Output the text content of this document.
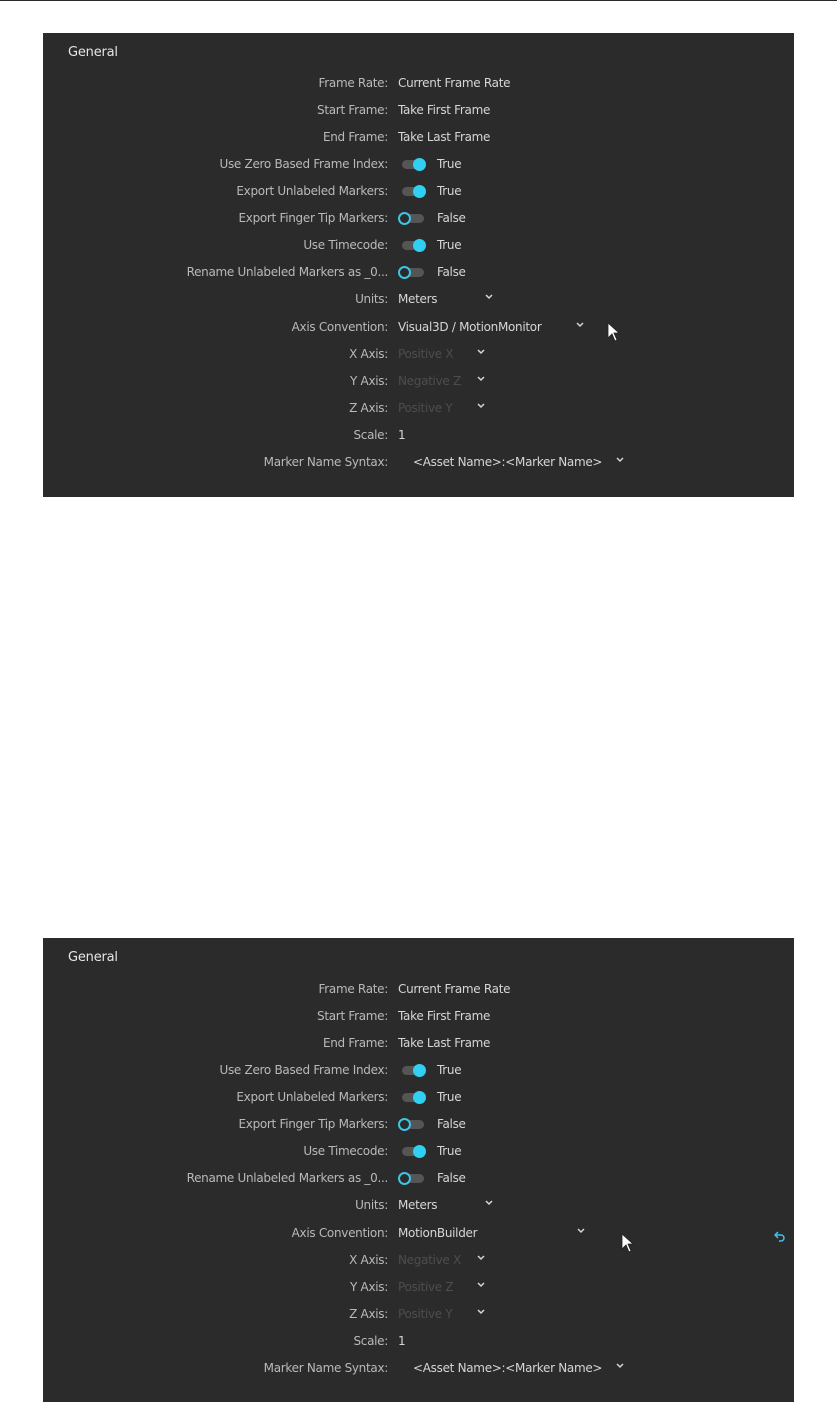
General
Frame Rate: Current Frame Rate
Start Frame: Take First Frame
End Frame: Take Last Frame
Use Zero Based Frame Index:	True
Export Unlabeled Markers:	True
Export Finger Tip Markers:	False
Use Timecode:	True
Rename Unlabeled Markers as _0...	False
Units: Meters
Axis Convention: Visual3D / MotionMonitor
X Axis: Positive X
Y Axis: Negative Z
Z Axis: Positive Y
Scale: 1
Marker Name Syntax: <Asset Name>:<Marker Name>
General
Frame Rate: Current Frame Rate
Start Frame: Take First Frame
End Frame: Take Last Frame
Use Zero Based Frame Index:	True
Export Unlabeled Markers:	True
Export Finger Tip Markers:	False
Use Timecode:	True
Rename Unlabeled Markers as _0...	False
Units: Meters
Axis Convention: MotionBuilder
X Axis: Negative X
Y Axis: Positive Z
Z Axis: Positive Y
Scale: 1
Marker Name Syntax: <Asset Name>:<Marker Name>
